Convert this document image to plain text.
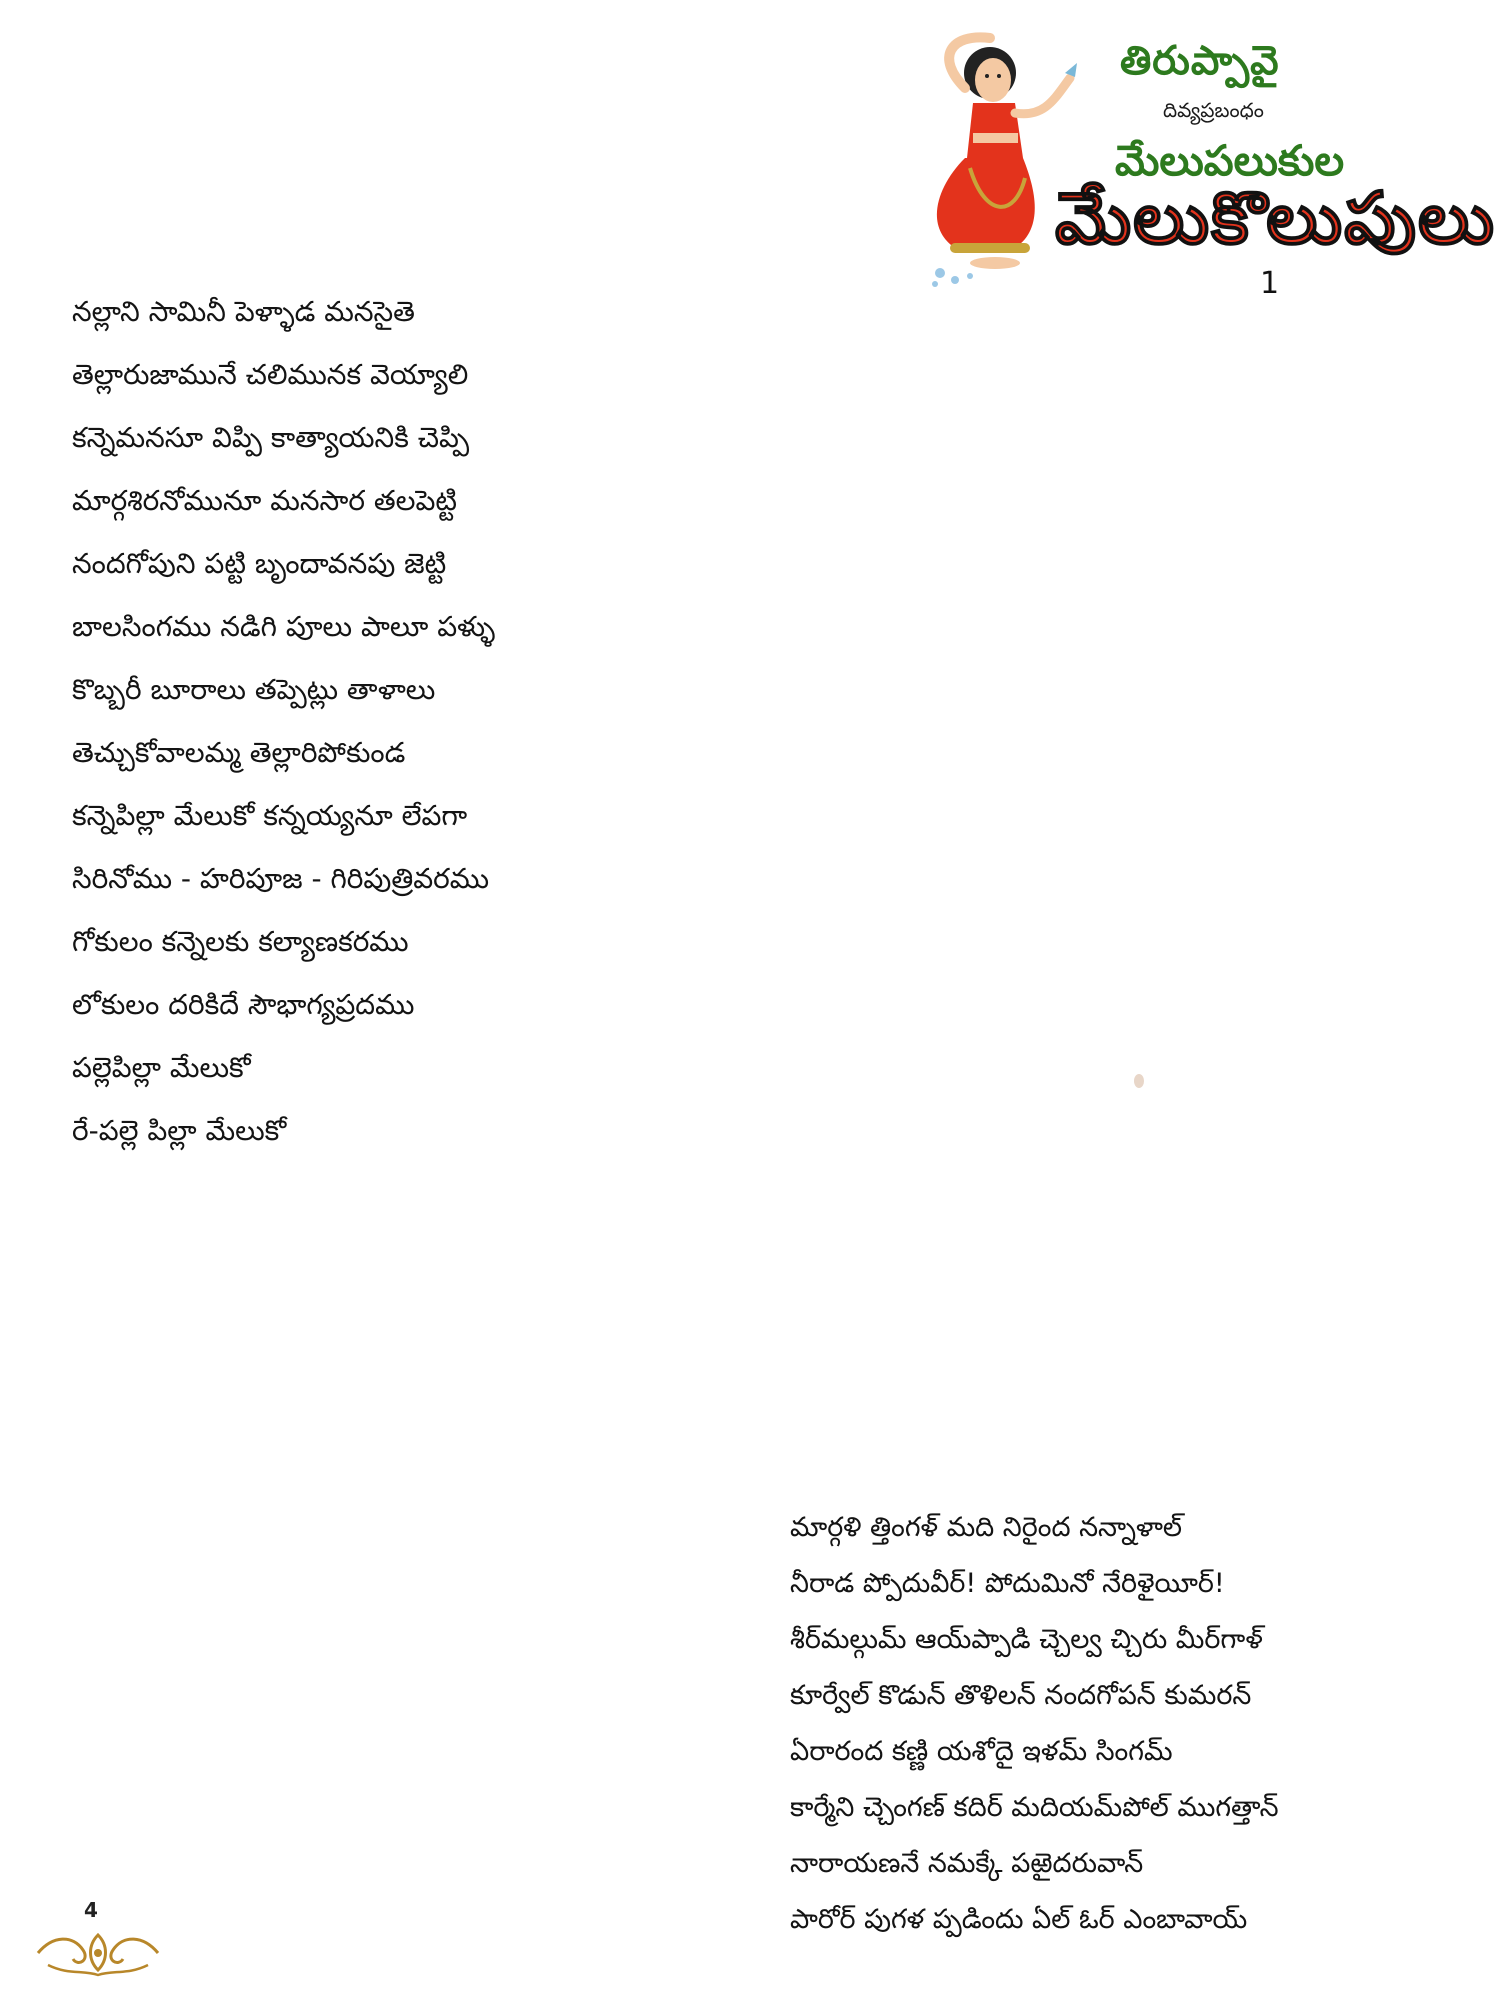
తిరుప్పావై
దివ్యప్రబంధం
మేలుపలుకుల
మేలుకొలుపులు
1
నల్లాని సామినీ పెళ్ళాడ మనసైతె
తెల్లారుజామునే చలిమునక వెయ్యాలి
కన్నెమనసూ విప్పి కాత్యాయనికి చెప్పి
మార్గశిరనోమునూ మనసార తలపెట్టి
నందగోపుని పట్టి బృందావనపు జెట్టి
బాలసింగము నడిగి పూలు పాలూ పళ్ళు
కొబ్బరీ బూరాలు తప్పెట్లు తాళాలు
తెచ్చుకోవాలమ్మ తెల్లారిపోకుండ
కన్నెపిల్లా మేలుకో కన్నయ్యనూ లేపగా
సిరినోము - హరిపూజ - గిరిపుత్రివరము
గోకులం కన్నెలకు కల్యాణకరము
లోకులం దరికిదే సౌభాగ్యప్రదము
పల్లెపిల్లా మేలుకో
రే-పల్లె పిల్లా మేలుకో
మార్గళి త్తింగళ్ మది నిరైంద నన్నాళాల్
నీరాడ ప్పోదువీర్! పోదుమినో నేరిళైయీర్!
శీర్‌మల్గుమ్ ఆయ్‌ప్పాడి చ్చెల్వ చ్చిరు మీర్‌గాళ్
కూర్వేల్ కొడున్ తొళిలన్ నందగోపన్ కుమరన్
ఏరారంద కణ్ణి యశోదై ఇళమ్ సింగమ్
కార్మేని చ్చెంగణ్ కదిర్ మదియమ్‌పోల్ ముగత్తాన్
నారాయణనే నమక్కే పఱైదరువాన్
పారోర్ పుగళ ప్పడిందు ఏల్ ఓర్ ఎంబావాయ్
4
